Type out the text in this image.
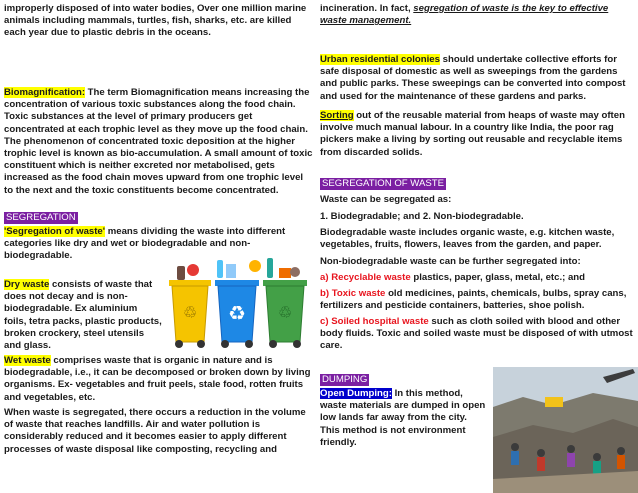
improperly disposed of into water bodies, Over one million marine animals including mammals, turtles, fish, sharks, etc. are killed each year due to plastic debris in the oceans.

Biomagnification: The term Biomagnification means increasing the concentration of various toxic substances along the food chain. Toxic substances at the level of primary producers get concentrated at each trophic level as they move up the food chain. The phenomenon of concentrated toxic deposition at the higher trophic level is known as bio-accumulation. A small amount of toxic constituent which is neither excreted nor metabolised, gets increased as the food chain moves upward from one trophic level to the next and the toxic constituents become concentrated.

SEGREGATION

'Segregation of waste' means dividing the waste into different categories like dry and wet or biodegradable and non-biodegradable.

Dry waste consists of waste that does not decay and is non-biodegradable. Ex aluminium foils, tetra packs, plastic products, broken crockery, steel utensils and glass.

Wet waste comprises waste that is organic in nature and is biodegradable, i.e., it can be decomposed or broken down by living organisms. Ex- vegetables and fruit peels, stale food, rotten fruits and vegetables, etc.

When waste is segregated, there occurs a reduction in the volume of waste that reaches landfills. Air and water pollution is considerably reduced and it becomes easier to apply different processes of waste disposal like composting, recycling and

♲ ♻ ♲

incineration. In fact, segregation of waste is the key to effective waste management.

Urban residential colonies should undertake collective efforts for safe disposal of domestic as well as sweepings from the gardens and public parks. These sweepings can be converted into compost and used for the maintenance of these gardens and parks.

Sorting out of the reusable material from heaps of waste may often involve much manual labour. In a country like India, the poor rag pickers make a living by sorting out reusable and recyclable items from discarded solids.

SEGREGATION OF WASTE

Waste can be segregated as:

1. Biodegradable; and 2. Non-biodegradable.

Biodegradable waste includes organic waste, e.g. kitchen waste, vegetables, fruits, flowers, leaves from the garden, and paper.

Non-biodegradable waste can be further segregated into:

a) Recyclable waste plastics, paper, glass, metal, etc.; and

b) Toxic waste old medicines, paints, chemicals, bulbs, spray cans, fertilizers and pesticide containers, batteries, shoe polish.

c) Soiled hospital waste such as cloth soiled with blood and other body fluids. Toxic and soiled waste must be disposed of with utmost care.

DUMPING

Open Dumping: In this method, waste materials are dumped in open low lands far away from the city. This method is not environment friendly.
